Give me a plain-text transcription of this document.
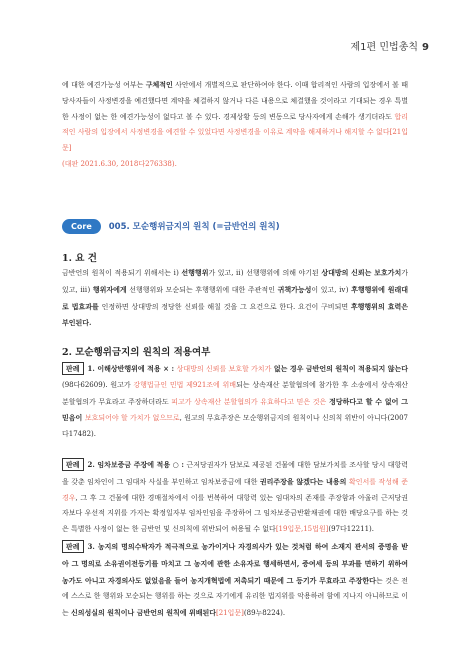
제1편 민법총칙 9

에 대한 예견가능성 여부는 구체적인 사안에서 개별적으로 판단하여야 한다. 이때 합리적인 사람의 입장에서 볼 때 당사자들이 사정변경을 예견했다면 계약을 체결하지 않거나 다른 내용으로 체결했을 것이라고 기대되는 경우 특별한 사정이 없는 한 예견가능성이 없다고 볼 수 있다. 경제상황 등의 변동으로 당사자에게 손해가 생기더라도 합리적인 사람의 입장에서 사정변경을 예견할 수 있었다면 사정변경을 이유로 계약을 해제하거나 해지할 수 없다[21입문]
(대판 2021.6.30, 2018다276338).

Core	005. 모순행위금지의 원칙 (=금반언의 원칙)

1. 요 건

금반언의 원칙이 적용되기 위해서는 ⅰ) 선행행위가 있고, ⅱ) 선행행위에 의해 야기된 상대방의 신뢰는 보호가치가 있고, ⅲ) 행위자에게 선행행위와 모순되는 후행행위에 대한 주관적인 귀책가능성이 있고, ⅳ) 후행행위에 원래대로 법효과를 인정하면 상대방의 정당한 신뢰를 해칠 것을 그 요건으로 한다. 요건이 구비되면 후행행위의 효력은 부인된다.

2. 모순행위금지의 원칙의 적용여부

판례 1. 이해상반행위에 적용 × : 상대방의 신뢰를 보호할 가치가 없는 경우 금반언의 원칙이 적용되지 않는다(98다62609). 원고가 강행법규인 민법 제921조에 위배되는 상속재산 분할협의에 참가한 후 소송에서 상속재산 분할협의가 무효라고 주장하더라도 피고가 상속재산 분할협의가 유효하다고 믿은 것은 정당하다고 할 수 없어 그 믿음이 보호되어야 할 가치가 없으므로, 원고의 무효주장은 모순행위금지의 원칙이나 신의칙 위반이 아니다(2007다17482).

판례 2. 임차보증금 주장에 적용 ○ : 근저당권자가 담보로 제공된 건물에 대한 담보가치를 조사할 당시 대항력을 갖춘 임차인이 그 임대차 사실을 부인하고 임차보증금에 대한 권리주장을 않겠다는 내용의 확인서를 작성해 준 경우, 그 후 그 건물에 대한 경매절차에서 이를 번복하여 대항력 있는 임대차의 존재를 주장함과 아울러 근저당권자보다 우선적 지위를 가지는 확정일자부 임차인임을 주장하여 그 임차보증금반환채권에 대한 배당요구를 하는 것은 특별한 사정이 없는 한 금반언 및 신의칙에 위반되어 허용될 수 없다[19입문,15법원](97다12211).

판례 3. 농지의 명의수탁자가 적극적으로 농가이거나 자경의사가 있는 것처럼 하여 소재지 관서의 증명을 받아 그 명의로 소유권이전등기를 마치고 그 농지에 관한 소유자로 행세하면서, 증여세 등의 부과를 면하기 위하여 농가도 아니고 자경의사도 없었음을 들어 농지개혁법에 저촉되기 때문에 그 등기가 무효라고 주장한다는 것은 전에 스스로 한 행위와 모순되는 행위를 하는 것으로 자기에게 유리한 법지위를 악용하려 함에 지나지 아니하므로 이는 신의성실의 원칙이나 금반언의 원칙에 위배된다[21입문](89누8224).
